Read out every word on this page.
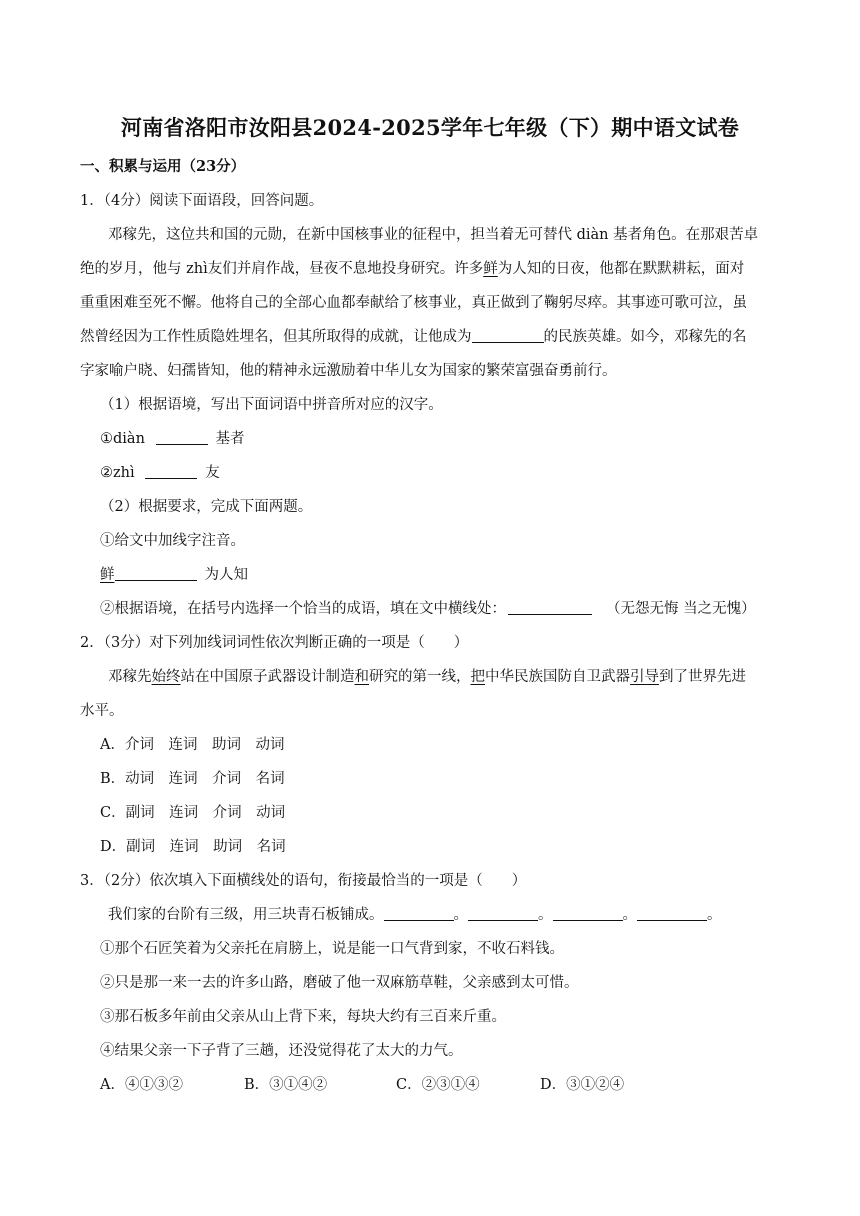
河南省洛阳市汝阳县2024-2025学年七年级（下）期中语文试卷
一、积累与运用（23分）
1．（4分）阅读下面语段，回答问题。
邓稼先，这位共和国的元勋，在新中国核事业的征程中，担当着无可替代 diàn 基者角色。在那艰苦卓
绝的岁月，他与 zhì友们并肩作战，昼夜不息地投身研究。许多鲜为人知的日夜，他都在默默耕耘，面对
重重困难至死不懈。他将自己的全部心血都奉献给了核事业，真正做到了鞠躬尽瘁。其事迹可歌可泣，虽
然曾经因为工作性质隐姓埋名，但其所取得的成就，让他成为	的民族英雄。如今，邓稼先的名
字家喻户晓、妇孺皆知，他的精神永远激励着中华儿女为国家的繁荣富强奋勇前行。
（1）根据语境，写出下面词语中拼音所对应的汉字。
①diàn	基者
②zhì	友
（2）根据要求，完成下面两题。
①给文中加线字注音。
鲜	为人知
②根据语境，在括号内选择一个恰当的成语，填在文中横线处：	（无怨无悔 当之无愧）
2．（3分）对下列加线词词性依次判断正确的一项是（　　）
邓稼先始终站在中国原子武器设计制造和研究的第一线，把中华民族国防自卫武器引导到了世界先进
水平。
A．介词　连词　助词　动词
B．动词　连词　介词　名词
C．副词　连词　介词　动词
D．副词　连词　助词　名词
3．（2分）依次填入下面横线处的语句，衔接最恰当的一项是（　　）
我们家的台阶有三级，用三块青石板铺成。	。	。	。	。
①那个石匠笑着为父亲托在肩膀上，说是能一口气背到家，不收石料钱。
②只是那一来一去的许多山路，磨破了他一双麻筋草鞋，父亲感到太可惜。
③那石板多年前由父亲从山上背下来，每块大约有三百来斤重。
④结果父亲一下子背了三趟，还没觉得花了太大的力气。
A．④①③②	B．③①④②	C．②③①④	D．③①②④
